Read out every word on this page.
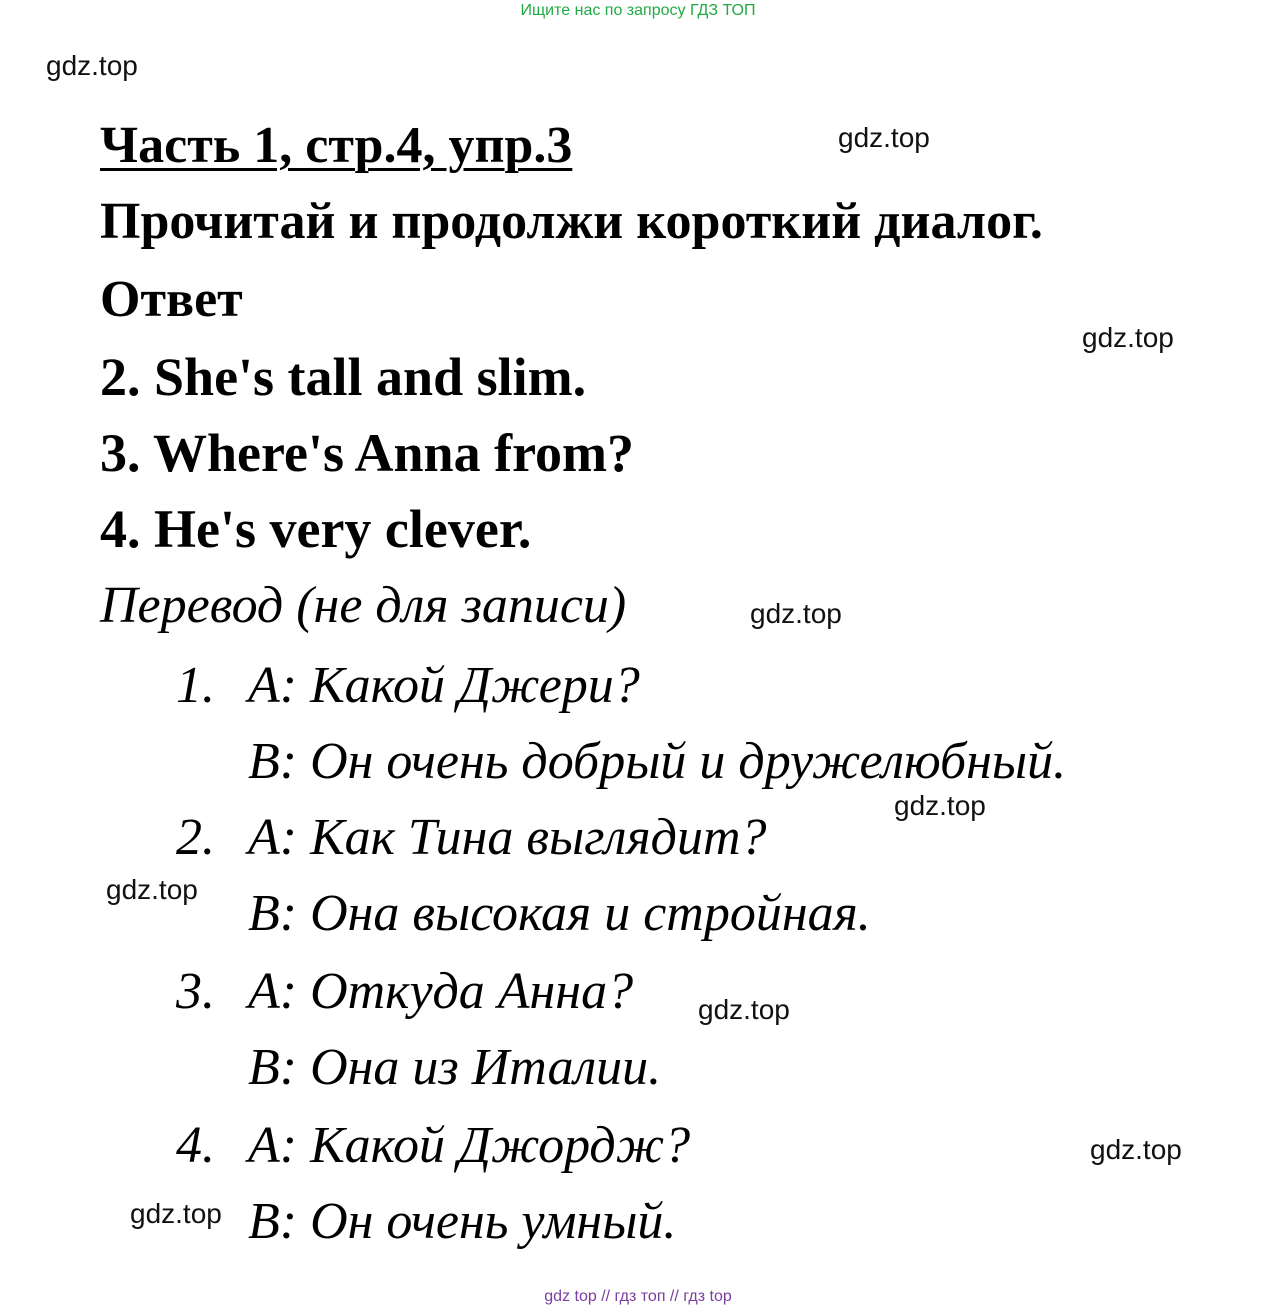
Ищите нас по запросу ГДЗ ТОП
gdz.top
gdz.top
gdz.top
gdz.top
gdz.top
gdz.top
gdz.top
gdz.top
gdz.top
Часть 1, стр.4, упр.3
Прочитай и продолжи короткий диалог.
Ответ
2. She's tall and slim.
3. Where's Anna from?
4. He's very clever.
Перевод (не для записи)
1. A: Какой Джери?
B: Он очень добрый и дружелюбный.
2. A: Как Тина выглядит?
B: Она высокая и стройная.
3. A: Откуда Анна?
B: Она из Италии.
4. A: Какой Джордж?
B: Он очень умный.
gdz top // гдз топ // гдз top
